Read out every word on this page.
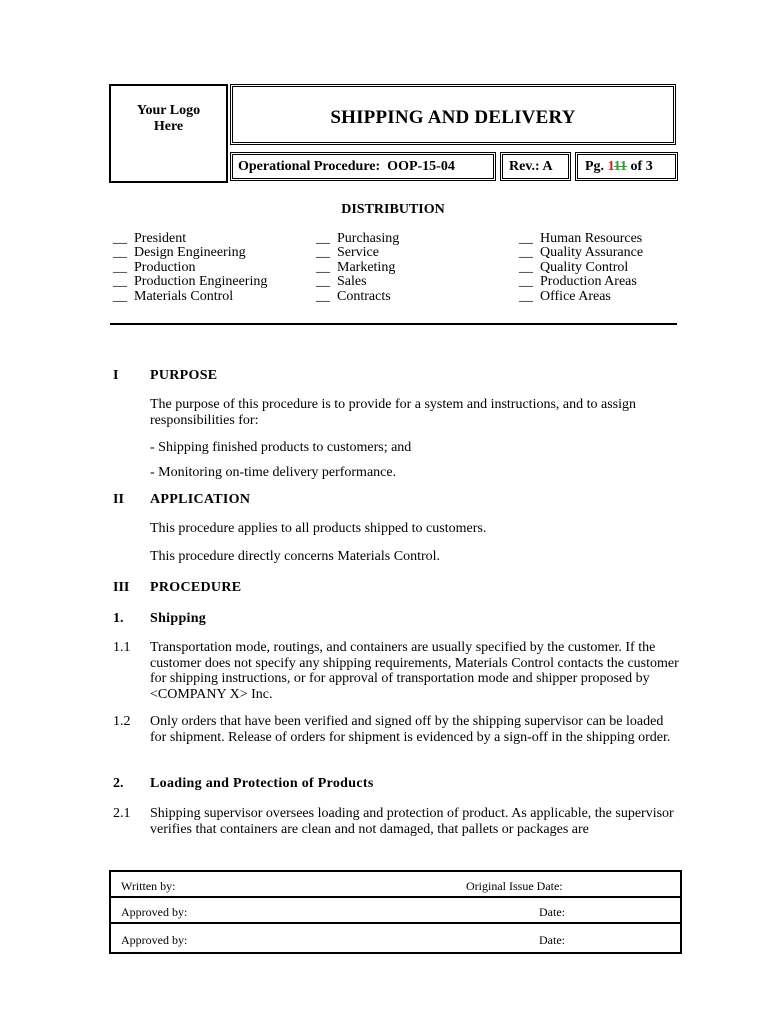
Your Logo
Here	SHIPPING AND DELIVERY
Operational Procedure:  OOP-15-04	Rev.: A	Pg. 111 of 3
DISTRIBUTION
__  President
__  Design Engineering
__  Production
__  Production Engineering
__  Materials Control
__  Purchasing
__  Service
__  Marketing
__  Sales
__  Contracts
__  Human Resources
__  Quality Assurance
__  Quality Control
__  Production Areas
__  Office Areas
I PURPOSE
The purpose of this procedure is to provide for a system and instructions, and to assign responsibilities for:
- Shipping finished products to customers; and
- Monitoring on-time delivery performance.
II APPLICATION
This procedure applies to all products shipped to customers.
This procedure directly concerns Materials Control.
III PROCEDURE
1. Shipping
1.1 Transportation mode, routings, and containers are usually specified by the customer. If the customer does not specify any shipping requirements, Materials Control contacts the customer for shipping instructions, or for approval of transportation mode and shipper proposed by <COMPANY X> Inc.
1.2 Only orders that have been verified and signed off by the shipping supervisor can be loaded for shipment. Release of orders for shipment is evidenced by a sign-off in the shipping order.
2. Loading and Protection of Products
2.1 Shipping supervisor oversees loading and protection of product. As applicable, the supervisor verifies that containers are clean and not damaged, that pallets or packages are
Written by:	Original Issue Date:
Approved by:	Date:
Approved by:	Date:
